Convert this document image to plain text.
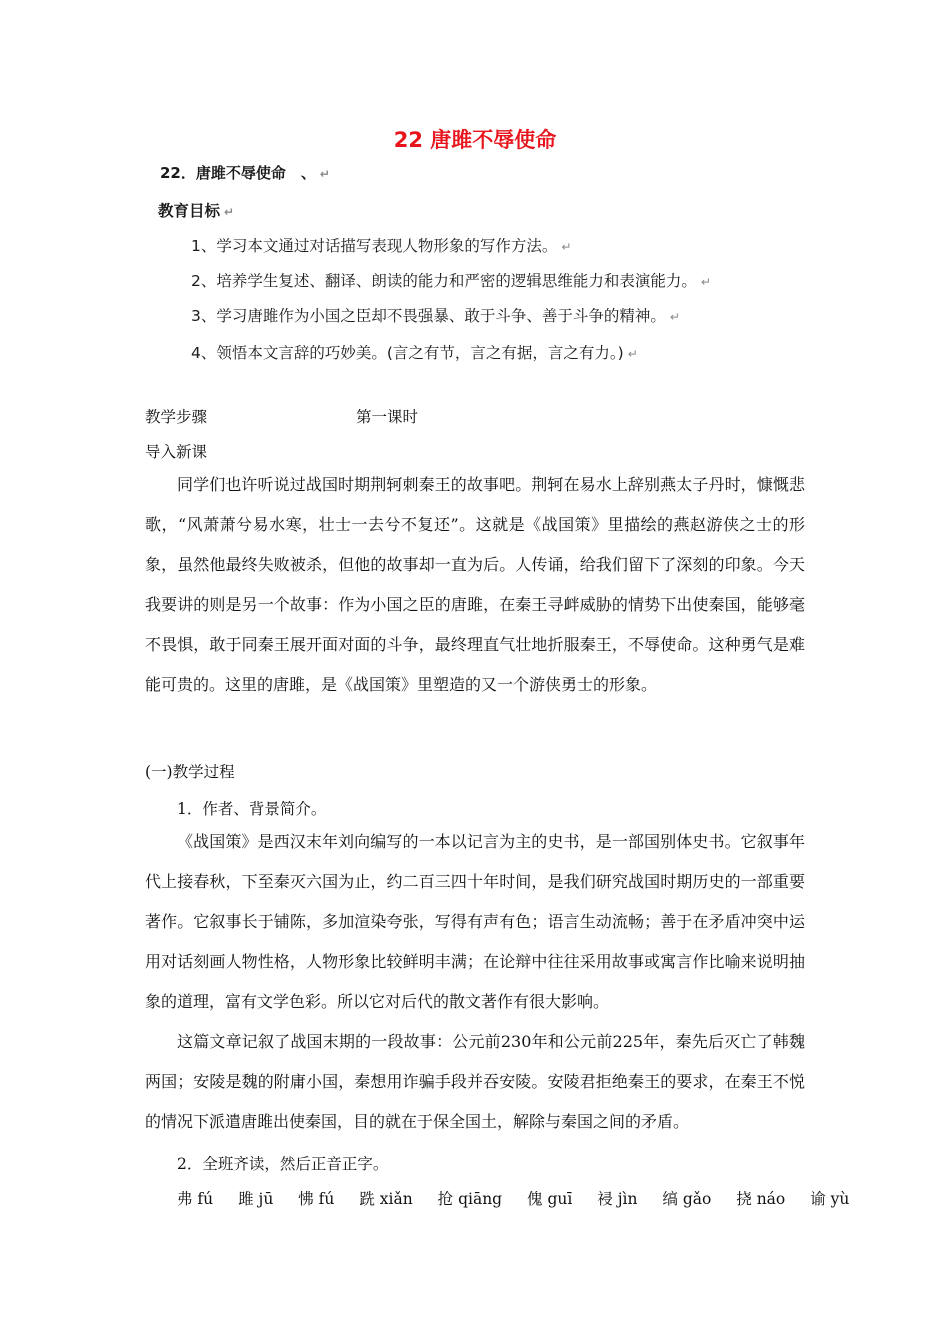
22 唐雎不辱使命
22．唐雎不辱使命　、 ↵
教育目标 ↵
1、学习本文通过对话描写表现人物形象的写作方法。 ↵
2、培养学生复述、翻译、朗读的能力和严密的逻辑思维能力和表演能力。 ↵
3、学习唐雎作为小国之臣却不畏强暴、敢于斗争、善于斗争的精神。 ↵
4、领悟本文言辞的巧妙美。(言之有节，言之有据，言之有力。) ↵
教学步骤	第一课时
导入新课

同学们也许听说过战国时期荆轲刺秦王的故事吧。荆轲在易水上辞别燕太子丹时，慷慨悲歌，“风萧萧兮易水寒，壮士一去兮不复还”。这就是《战国策》里描绘的燕赵游侠之士的形象，虽然他最终失败被杀，但他的故事却一直为后。人传诵，给我们留下了深刻的印象。今天我要讲的则是另一个故事：作为小国之臣的唐雎，在秦王寻衅威胁的情势下出使秦国，能够毫不畏惧，敢于同秦王展开面对面的斗争，最终理直气壮地折服秦王，不辱使命。这种勇气是难能可贵的。这里的唐雎，是《战国策》里塑造的又一个游侠勇士的形象。

(一)教学过程
1．作者、背景简介。

《战国策》是西汉末年刘向编写的一本以记言为主的史书，是一部国别体史书。它叙事年代上接春秋，下至秦灭六国为止，约二百三四十年时间，是我们研究战国时期历史的一部重要著作。它叙事长于铺陈，多加渲染夸张，写得有声有色；语言生动流畅；善于在矛盾冲突中运用对话刻画人物性格，人物形象比较鲜明丰满；在论辩中往往采用故事或寓言作比喻来说明抽象的道理，富有文学色彩。所以它对后代的散文著作有很大影响。

这篇文章记叙了战国末期的一段故事：公元前230年和公元前225年，秦先后灭亡了韩魏两国；安陵是魏的附庸小国，秦想用诈骗手段并吞安陵。安陵君拒绝秦王的要求，在秦王不悦的情况下派遣唐雎出使秦国，目的就在于保全国土，解除与秦国之间的矛盾。

2．全班齐读，然后正音正字。
弗 fú 雎 jū 怫 fú 跣 xiǎn 抢 qiāng 傀 guī 祲 jìn 缟 gǎo 挠 náo 谕 yù
